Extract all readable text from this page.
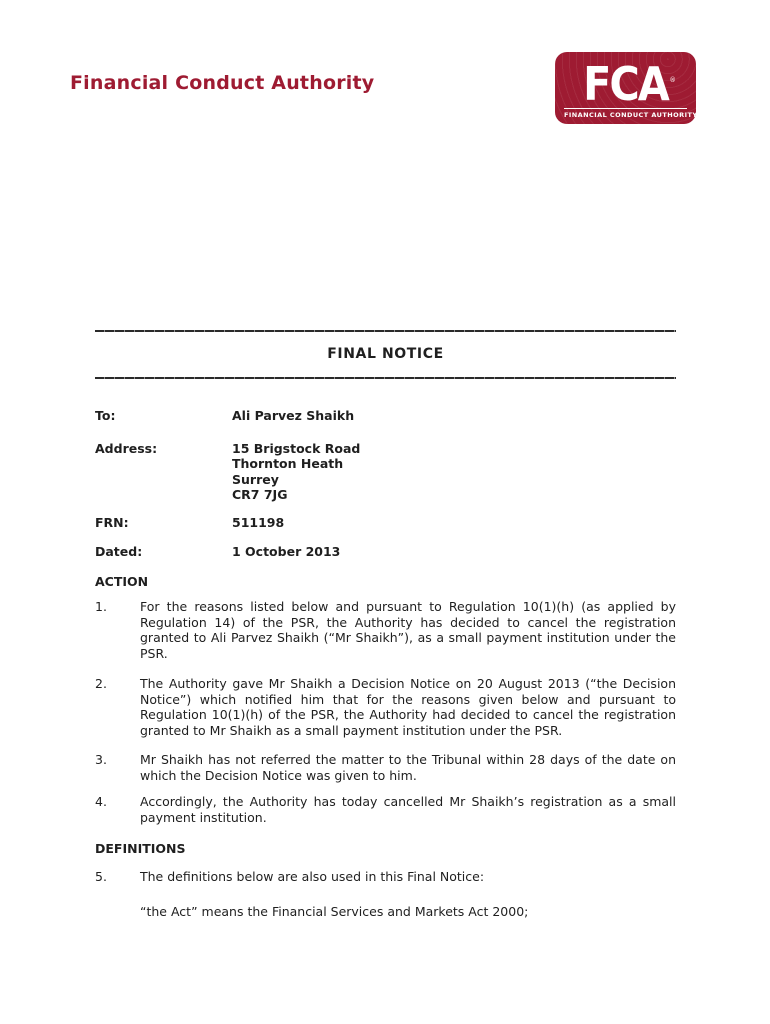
Financial Conduct Authority	FCA ®
FINANCIAL CONDUCT AUTHORITY
FINAL NOTICE
To:	Ali Parvez Shaikh
Address:	15 Brigstock Road
Thornton Heath
Surrey
CR7 7JG
FRN:	511198
Dated:	1 October 2013
ACTION
1.	For the reasons listed below and pursuant to Regulation 10(1)(h) (as applied by Regulation 14) of the PSR, the Authority has decided to cancel the registration granted to Ali Parvez Shaikh (“Mr Shaikh”), as a small payment institution under the PSR.
2.	The Authority gave Mr Shaikh a Decision Notice on 20 August 2013 (“the Decision Notice”) which notified him that for the reasons given below and pursuant to Regulation 10(1)(h) of the PSR, the Authority had decided to cancel the registration granted to Mr Shaikh as a small payment institution under the PSR.
3.	Mr Shaikh has not referred the matter to the Tribunal within 28 days of the date on which the Decision Notice was given to him.
4.	Accordingly, the Authority has today cancelled Mr Shaikh’s registration as a small payment institution.
DEFINITIONS
5.	The definitions below are also used in this Final Notice:
“the Act” means the Financial Services and Markets Act 2000;
